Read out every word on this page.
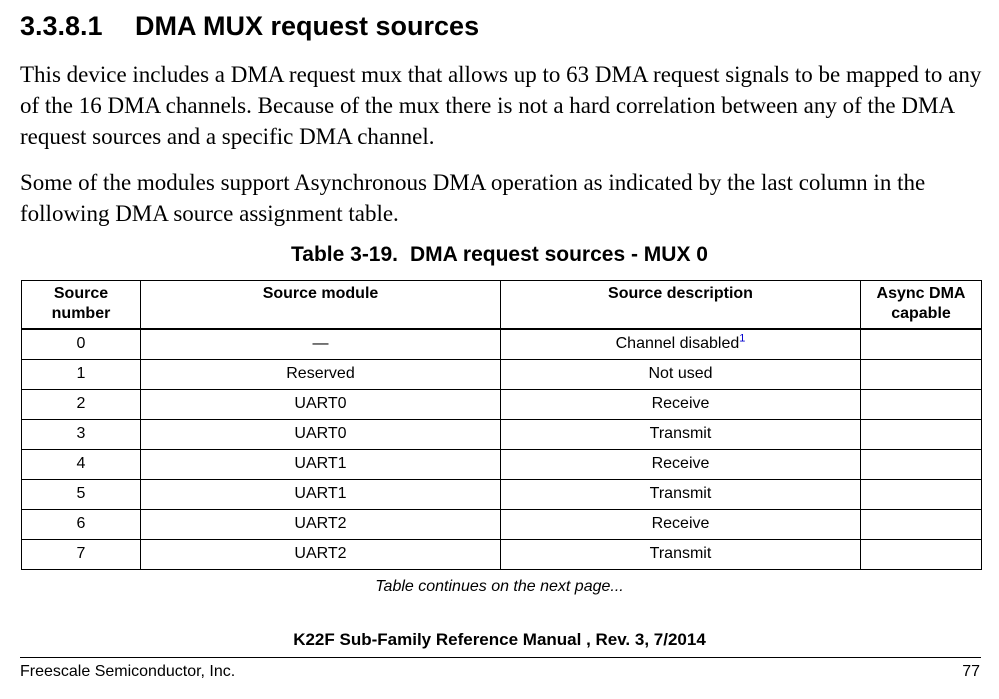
3.3.8.1 DMA MUX request sources

This device includes a DMA request mux that allows up to 63 DMA request signals to be mapped to any of the 16 DMA channels. Because of the mux there is not a hard correlation between any of the DMA request sources and a specific DMA channel.

Some of the modules support Asynchronous DMA operation as indicated by the last column in the following DMA source assignment table.

Table 3-19. DMA request sources - MUX 0

Source number	Source module	Source description	Async DMA capable
0	—	Channel disabled$^1$	
1	Reserved	Not used	
2	UART0	Receive	
3	UART0	Transmit	
4	UART1	Receive	
5	UART1	Transmit	
6	UART2	Receive	
7	UART2	Transmit	

Table continues on the next page...

K22F Sub-Family Reference Manual , Rev. 3, 7/2014

Freescale Semiconductor, Inc.	77
